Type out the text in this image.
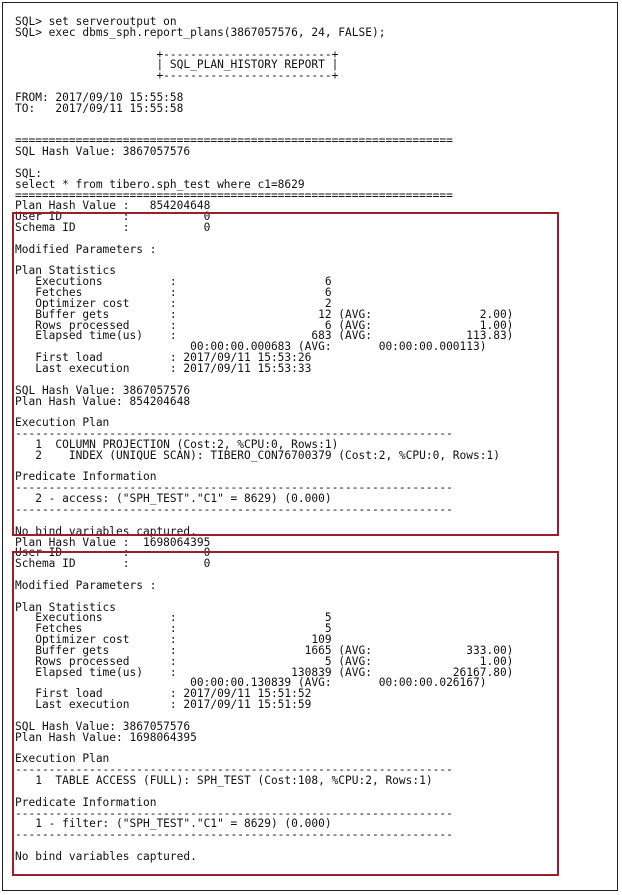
SQL> set serveroutput on
SQL> exec dbms_sph.report_plans(3867057576, 24, FALSE);

+-------------------------+
| SQL_PLAN_HISTORY REPORT |
+-------------------------+

FROM: 2017/09/10 15:55:58
TO:   2017/09/11 15:55:58

=================================================================
SQL Hash Value: 3867057576

SQL:
select * from tibero.sph_test where c1=8629
=================================================================
Plan Hash Value :   854204648
User ID         :           0
Schema ID       :           0

Modified Parameters :

Plan Statistics
Executions          :                      6
Fetches             :                      6
Optimizer cost      :                      2
Buffer gets         :                     12 (AVG:                2.00)
Rows processed      :                      6 (AVG:                1.00)
Elapsed time(us)    :                    683 (AVG:              113.83)
00:00:00.000683 (AVG:       00:00:00.000113)
First load          : 2017/09/11 15:53:26
Last execution      : 2017/09/11 15:53:33

SQL Hash Value: 3867057576
Plan Hash Value: 854204648

Execution Plan
-----------------------------------------------------------------
1  COLUMN PROJECTION (Cost:2, %CPU:0, Rows:1)
2    INDEX (UNIQUE SCAN): TIBERO_CON76700379 (Cost:2, %CPU:0, Rows:1)

Predicate Information
-----------------------------------------------------------------
2 - access: ("SPH_TEST"."C1" = 8629) (0.000)
-----------------------------------------------------------------

No bind variables captured.
Plan Hash Value :  1698064395
User ID         :           0
Schema ID       :           0

Modified Parameters :

Plan Statistics
Executions          :                      5
Fetches             :                      5
Optimizer cost      :                    109
Buffer gets         :                   1665 (AVG:              333.00)
Rows processed      :                      5 (AVG:                1.00)
Elapsed time(us)    :                 130839 (AVG:            26167.80)
00:00:00.130839 (AVG:       00:00:00.026167)
First load          : 2017/09/11 15:51:52
Last execution      : 2017/09/11 15:51:59

SQL Hash Value: 3867057576
Plan Hash Value: 1698064395

Execution Plan
-----------------------------------------------------------------
1  TABLE ACCESS (FULL): SPH_TEST (Cost:108, %CPU:2, Rows:1)

Predicate Information
-----------------------------------------------------------------
1 - filter: ("SPH_TEST"."C1" = 8629) (0.000)
-----------------------------------------------------------------

No bind variables captured.
